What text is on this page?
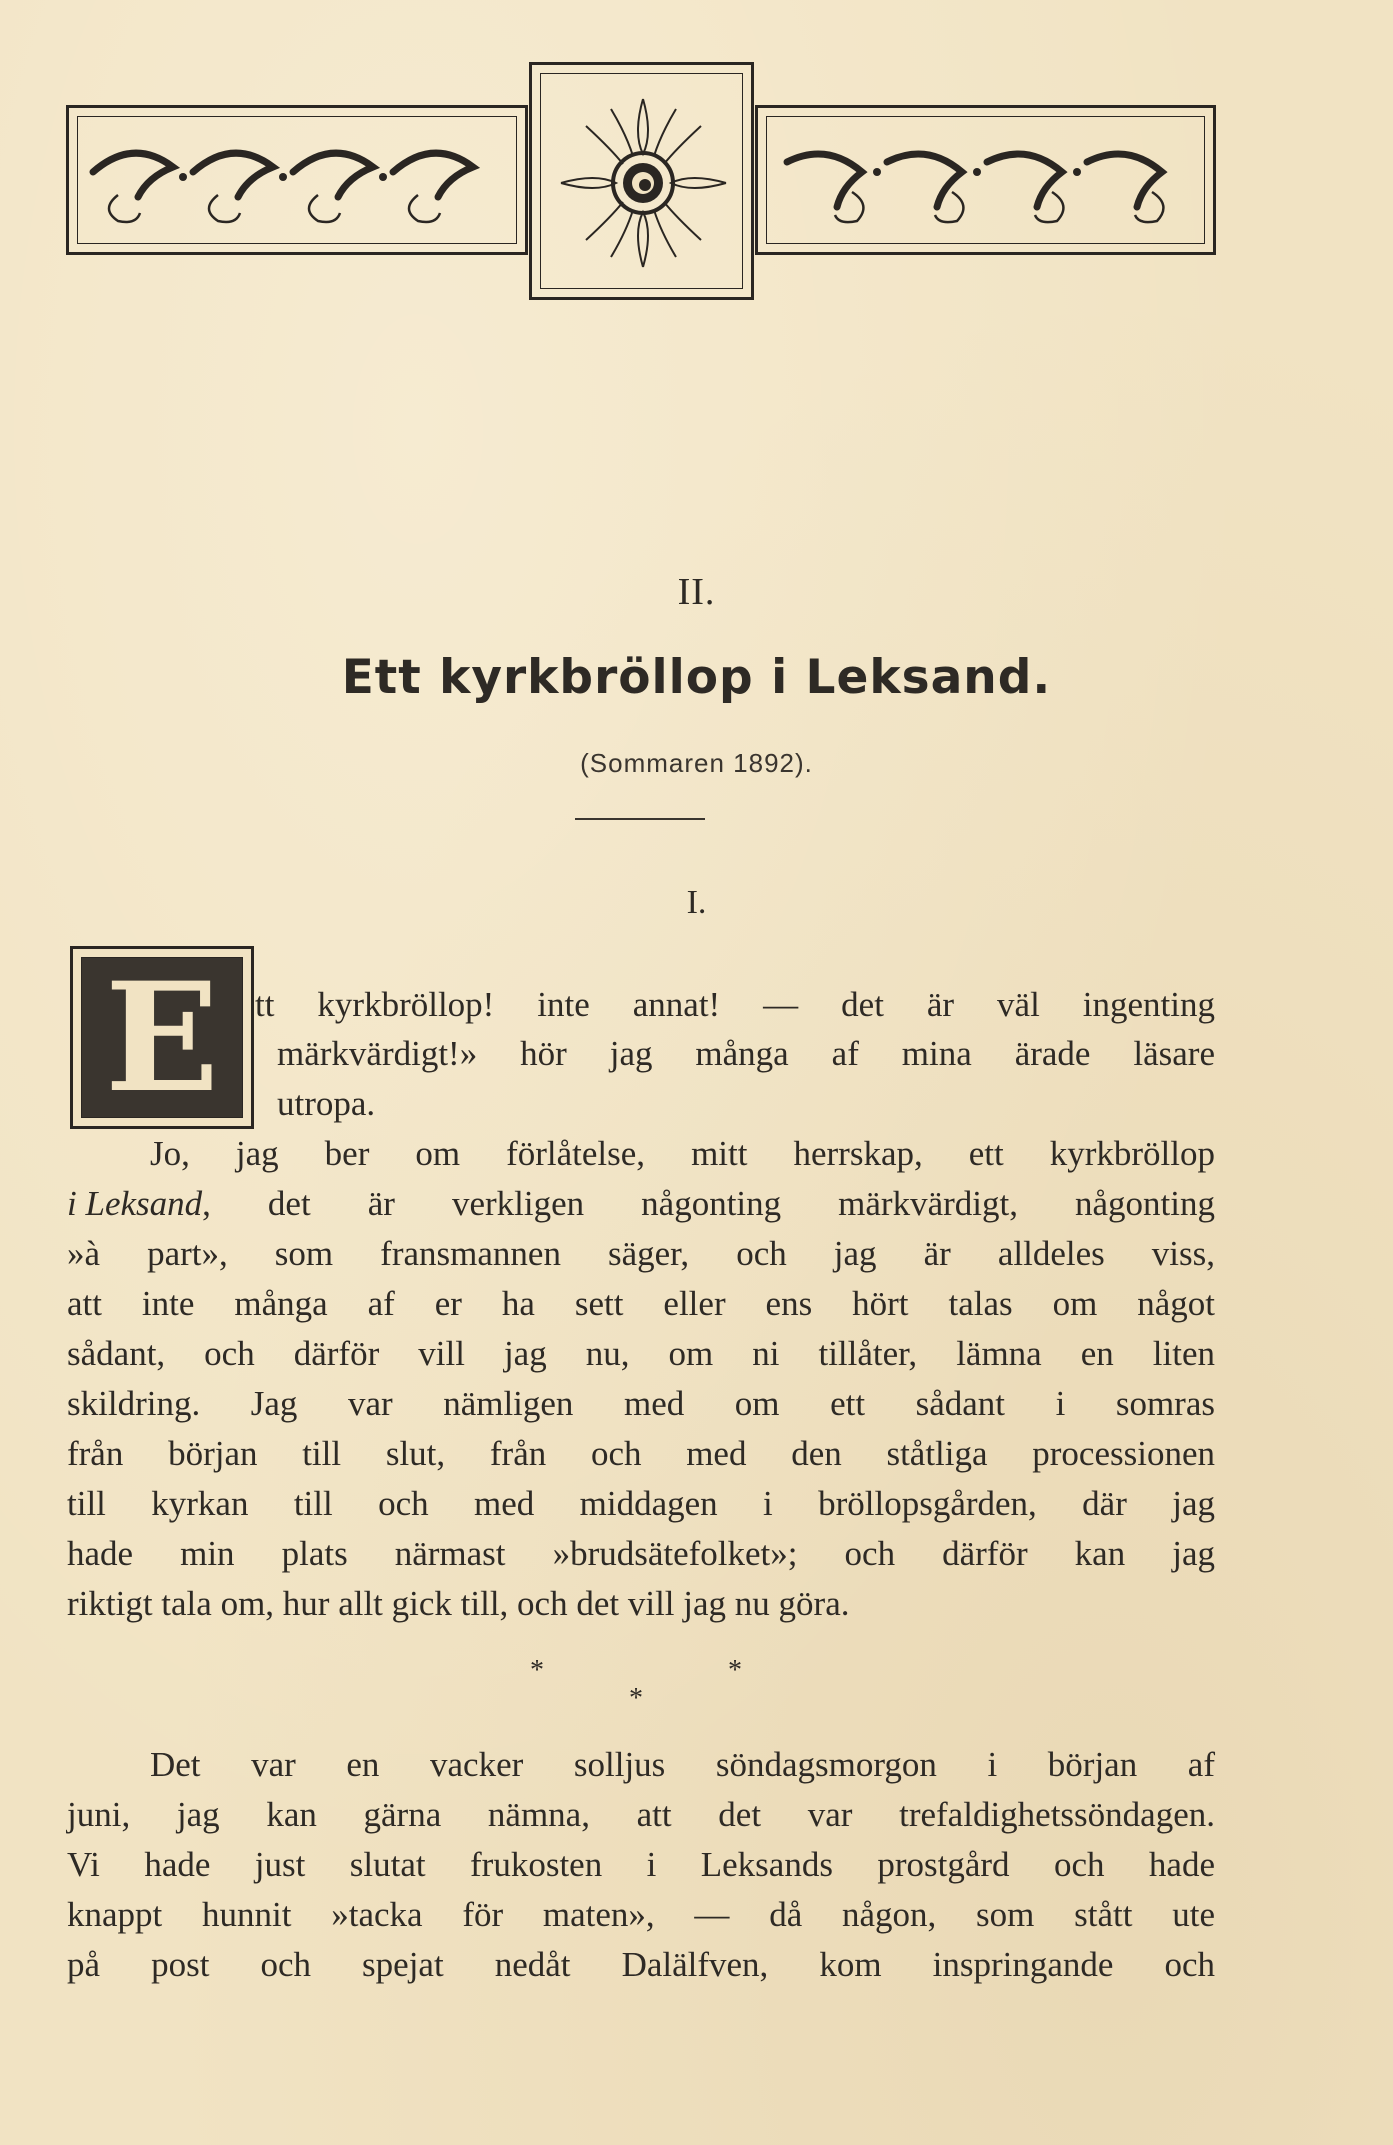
II.
Ett kyrkbröllop i Leksand.
(Sommaren 1892).
I.
E tt kyrkbröllop! inte annat! — det är väl ingenting
märkvärdigt!» hör jag många af mina ärade läsare
utropa.
Jo, jag ber om förlåtelse, mitt herrskap, ett kyrkbröllop
i Leksand , det är verkligen någonting märkvärdigt, någonting
»à part», som fransmannen säger, och jag är alldeles viss,
att inte många af er ha sett eller ens hört talas om något
sådant, och därför vill jag nu, om ni tillåter, lämna en liten
skildring. Jag var nämligen med om ett sådant i somras
från början till slut, från och med den ståtliga processionen
till kyrkan till och med middagen i bröllopsgården, där jag
hade min plats närmast »brudsätefolket»; och därför kan jag
riktigt tala om, hur allt gick till, och det vill jag nu göra.
*	*
*
Det var en vacker solljus söndagsmorgon i början af
juni, jag kan gärna nämna, att det var trefaldighetssöndagen.
Vi hade just slutat frukosten i Leksands prostgård och hade
knappt hunnit »tacka för maten», — då någon, som stått ute
på post och spejat nedåt Dalälfven, kom inspringande och
